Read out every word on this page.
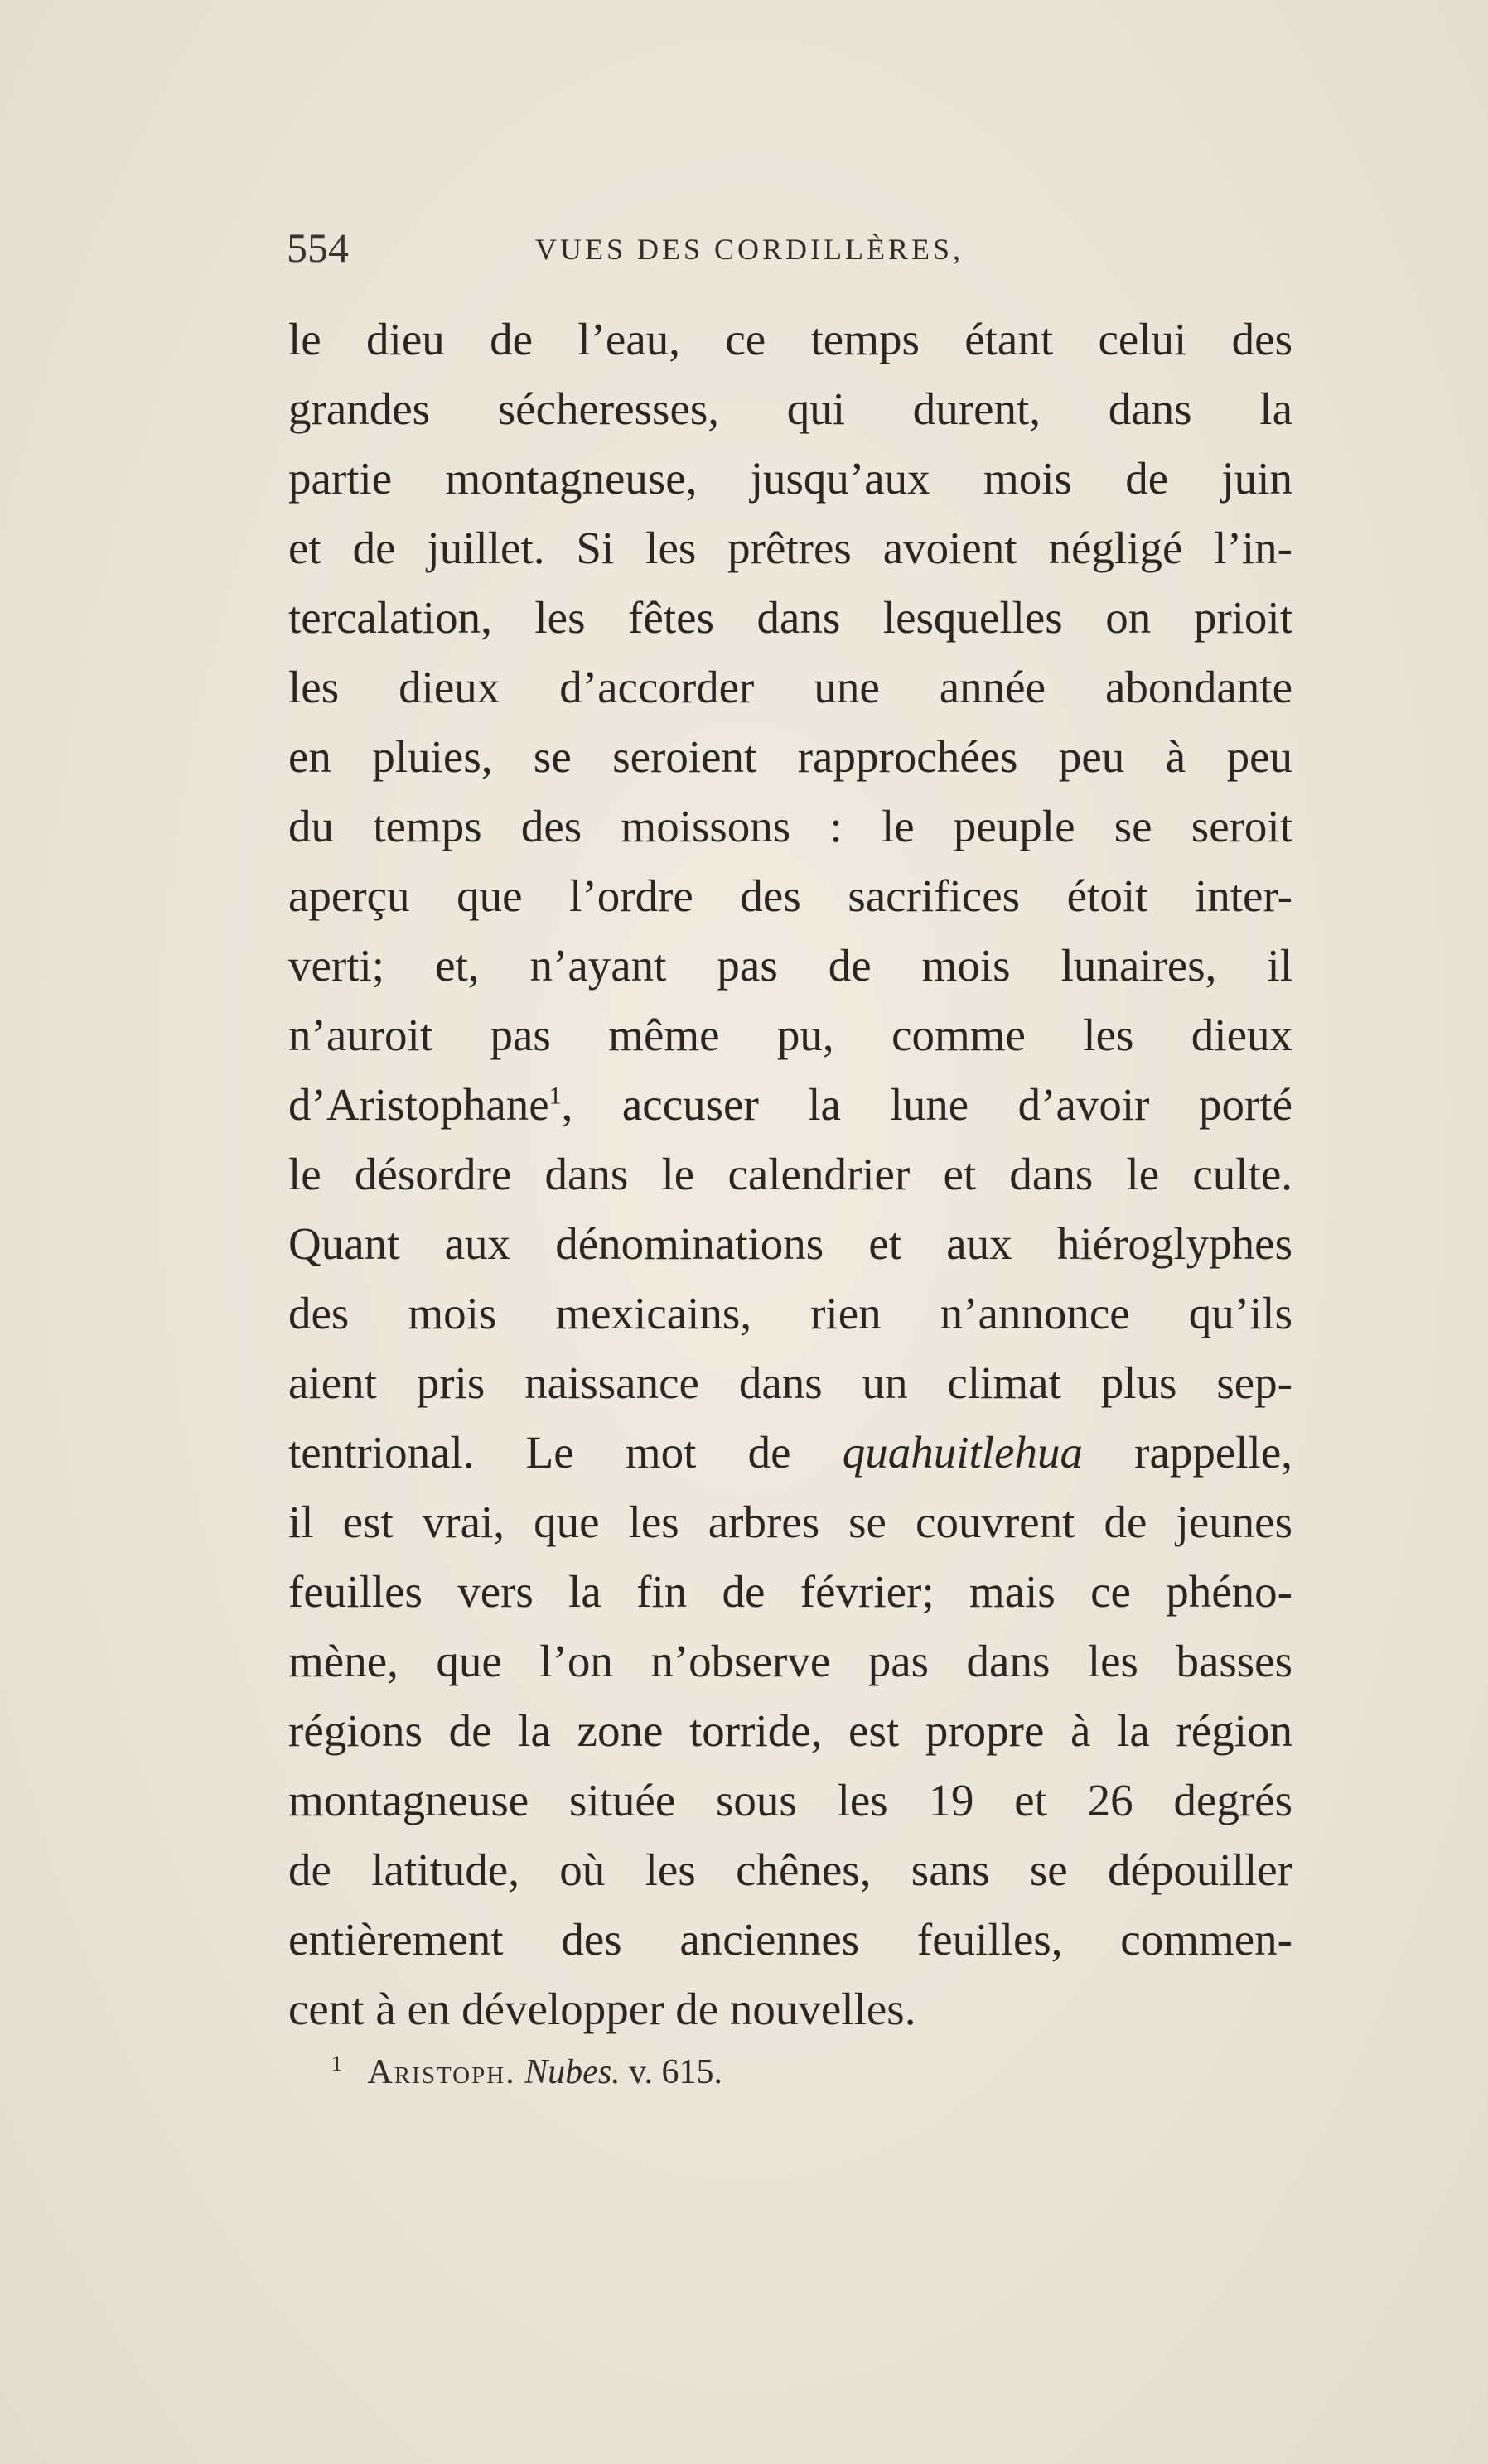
554	VUES DES CORDILLÈRES,
le dieu de l’eau, ce temps étant celui des
grandes sécheresses, qui durent, dans la
partie montagneuse, jusqu’aux mois de juin
et de juillet. Si les prêtres avoient négligé l’in-
tercalation, les fêtes dans lesquelles on prioit
les dieux d’accorder une année abondante
en pluies, se seroient rapprochées peu à peu
du temps des moissons : le peuple se seroit
aperçu que l’ordre des sacrifices étoit inter-
verti; et, n’ayant pas de mois lunaires, il
n’auroit pas même pu, comme les dieux
d’Aristophane$^1$, accuser la lune d’avoir porté
le désordre dans le calendrier et dans le culte.
Quant aux dénominations et aux hiéroglyphes
des mois mexicains, rien n’annonce qu’ils
aient pris naissance dans un climat plus sep-
tentrional. Le mot de quahuitlehua rappelle,
il est vrai, que les arbres se couvrent de jeunes
feuilles vers la fin de février; mais ce phéno-
mène, que l’on n’observe pas dans les basses
régions de la zone torride, est propre à la région
montagneuse située sous les 19 et 26 degrés
de latitude, où les chênes, sans se dépouiller
entièrement des anciennes feuilles, commen-
cent à en développer de nouvelles.
$^1$ Aristoph. Nubes. v. 615.
